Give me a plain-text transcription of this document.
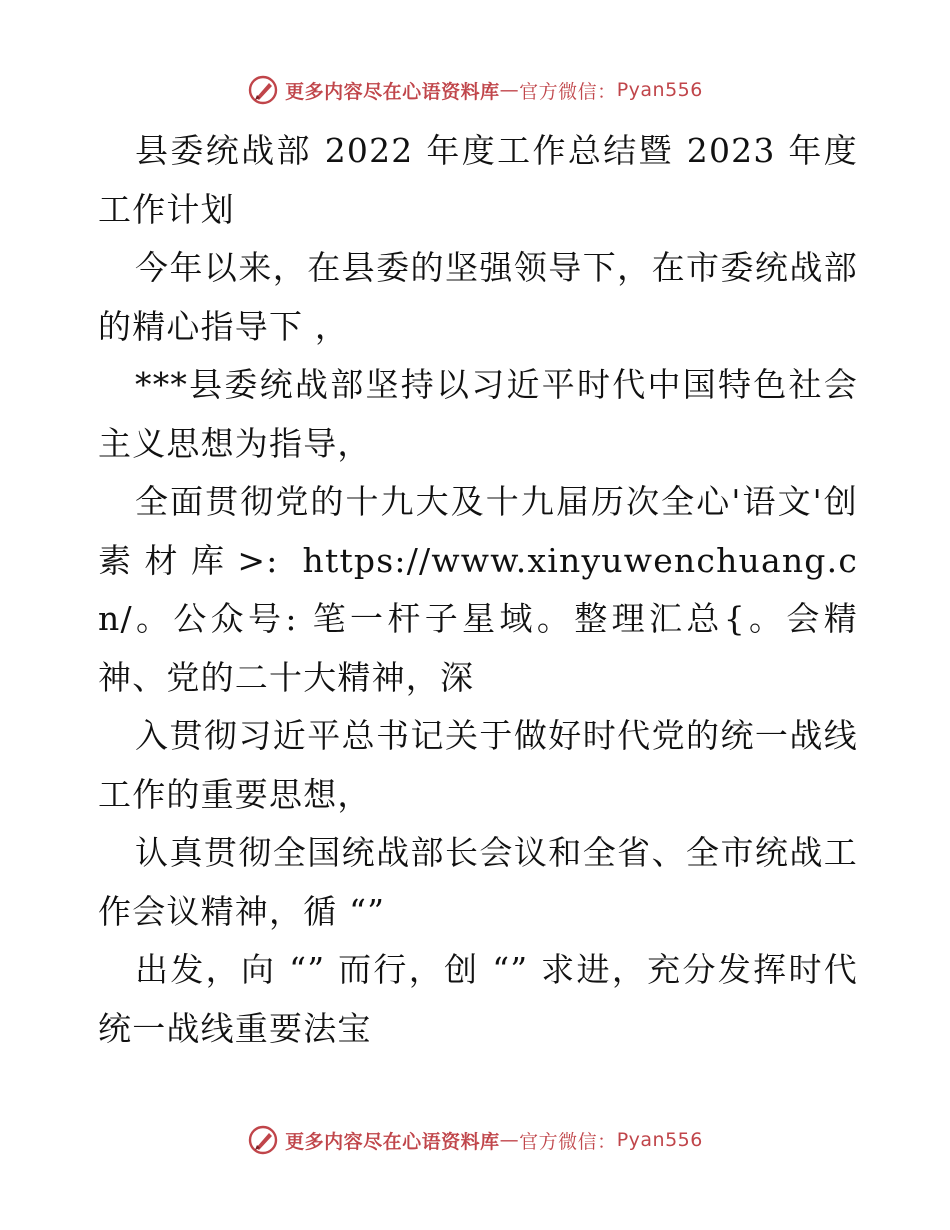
更多内容尽在心语资料库 — 官方微信： Pyan556

县委统战部 2022 年度工作总结暨 2023 年度工作计划

今年以来，在县委的坚强领导下，在市委统战部的精心指导下 ，

***县委统战部坚持以习近平时代中国特色社会主义思想为指导，

全面贯彻党的十九大及十九届历次全心'语文'创素材库>: https://www.xinyuwenchuang.cn/。公众号: 笔一杆子星域。整理汇总{。会精神、党的二十大精神，深

入贯彻习近平总书记关于做好时代党的统一战线工作的重要思想，

认真贯彻全国统战部长会议和全省、全市统战工作会议精神，循 “”

出发，向 “” 而行，创 “” 求进，充分发挥时代统一战线重要法宝

更多内容尽在心语资料库 — 官方微信： Pyan556
